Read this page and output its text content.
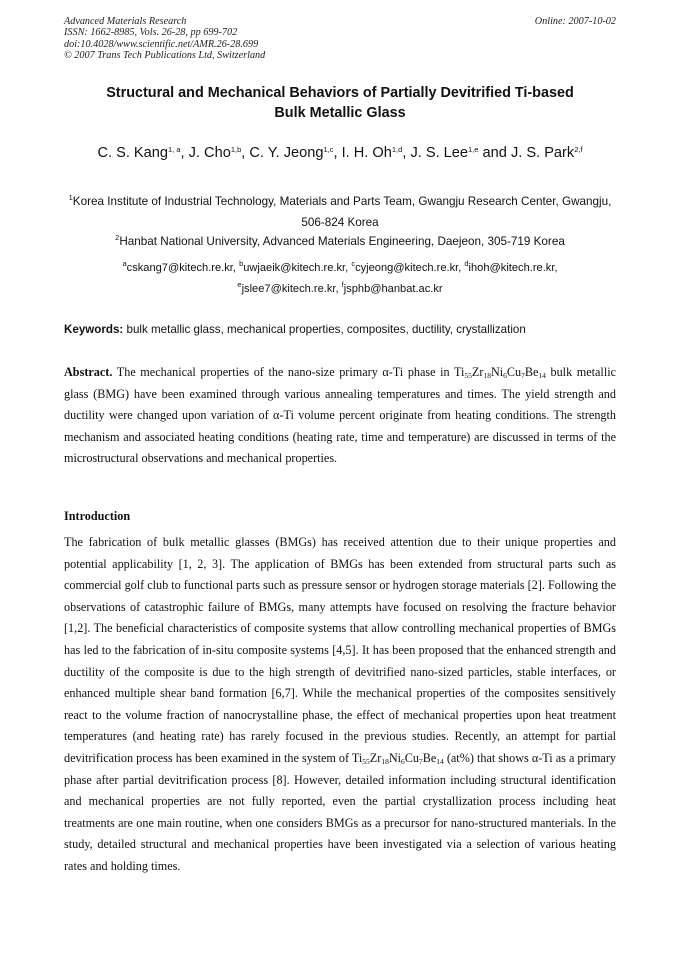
Advanced Materials Research
ISSN: 1662-8985, Vols. 26-28, pp 699-702
doi:10.4028/www.scientific.net/AMR.26-28.699
© 2007 Trans Tech Publications Ltd, Switzerland
Online: 2007-10-02
Structural and Mechanical Behaviors of Partially Devitrified Ti-based
Bulk Metallic Glass
C. S. Kang$^{1, a}$, J. Cho$^{1,b}$, C. Y. Jeong$^{1,c}$, I. H. Oh$^{1,d}$, J. S. Lee$^{1,e}$ and J. S. Park$^{2,f}$
$^1$Korea Institute of Industrial Technology, Materials and Parts Team, Gwangju Research Center, Gwangju, 506-824 Korea
$^2$Hanbat National University, Advanced Materials Engineering, Daejeon, 305-719 Korea
$^a$cskang7@kitech.re.kr, $^b$uwjaeik@kitech.re.kr, $^c$cyjeong@kitech.re.kr, $^d$ihoh@kitech.re.kr,
$^e$jslee7@kitech.re.kr, $^f$jsphb@hanbat.ac.kr
Keywords: bulk metallic glass, mechanical properties, composites, ductility, crystallization
Abstract. The mechanical properties of the nano-size primary α-Ti phase in $Ti_{55}Zr_{18}Ni_6Cu_7Be_{14}$ bulk metallic glass (BMG) have been examined through various annealing temperatures and times. The yield strength and ductility were changed upon variation of α-Ti volume percent originate from heating conditions. The strength mechanism and associated heating conditions (heating rate, time and temperature) are discussed in terms of the microstructural observations and mechanical properties.
Introduction
The fabrication of bulk metallic glasses (BMGs) has received attention due to their unique properties and potential applicability [1, 2, 3]. The application of BMGs has been extended from structural parts such as commercial golf club to functional parts such as pressure sensor or hydrogen storage materials [2]. Following the observations of catastrophic failure of BMGs, many attempts have focused on resolving the fracture behavior [1,2]. The beneficial characteristics of composite systems that allow controlling mechanical properties of BMGs has led to the fabrication of in-situ composite systems [4,5]. It has been proposed that the enhanced strength and ductility of the composite is due to the high strength of devitrified nano-sized particles, stable interfaces, or enhanced multiple shear band formation [6,7]. While the mechanical properties of the composites sensitively react to the volume fraction of nanocrystalline phase, the effect of mechanical properties upon heat treatment temperatures (and heating rate) has rarely focused in the previous studies. Recently, an attempt for partial devitrification process has been examined in the system of $Ti_{55}Zr_{18}Ni_6Cu_7Be_{14}$ (at%) that shows α-Ti as a primary phase after partial devitrification process [8]. However, detailed information including structural identification and mechanical properties are not fully reported, even the partial crystallization process including heat treatments are one main routine, when one considers BMGs as a precursor for nano-structured manterials. In the study, detailed structural and mechanical properties have been investigated via a selection of various heating rates and holding times.
